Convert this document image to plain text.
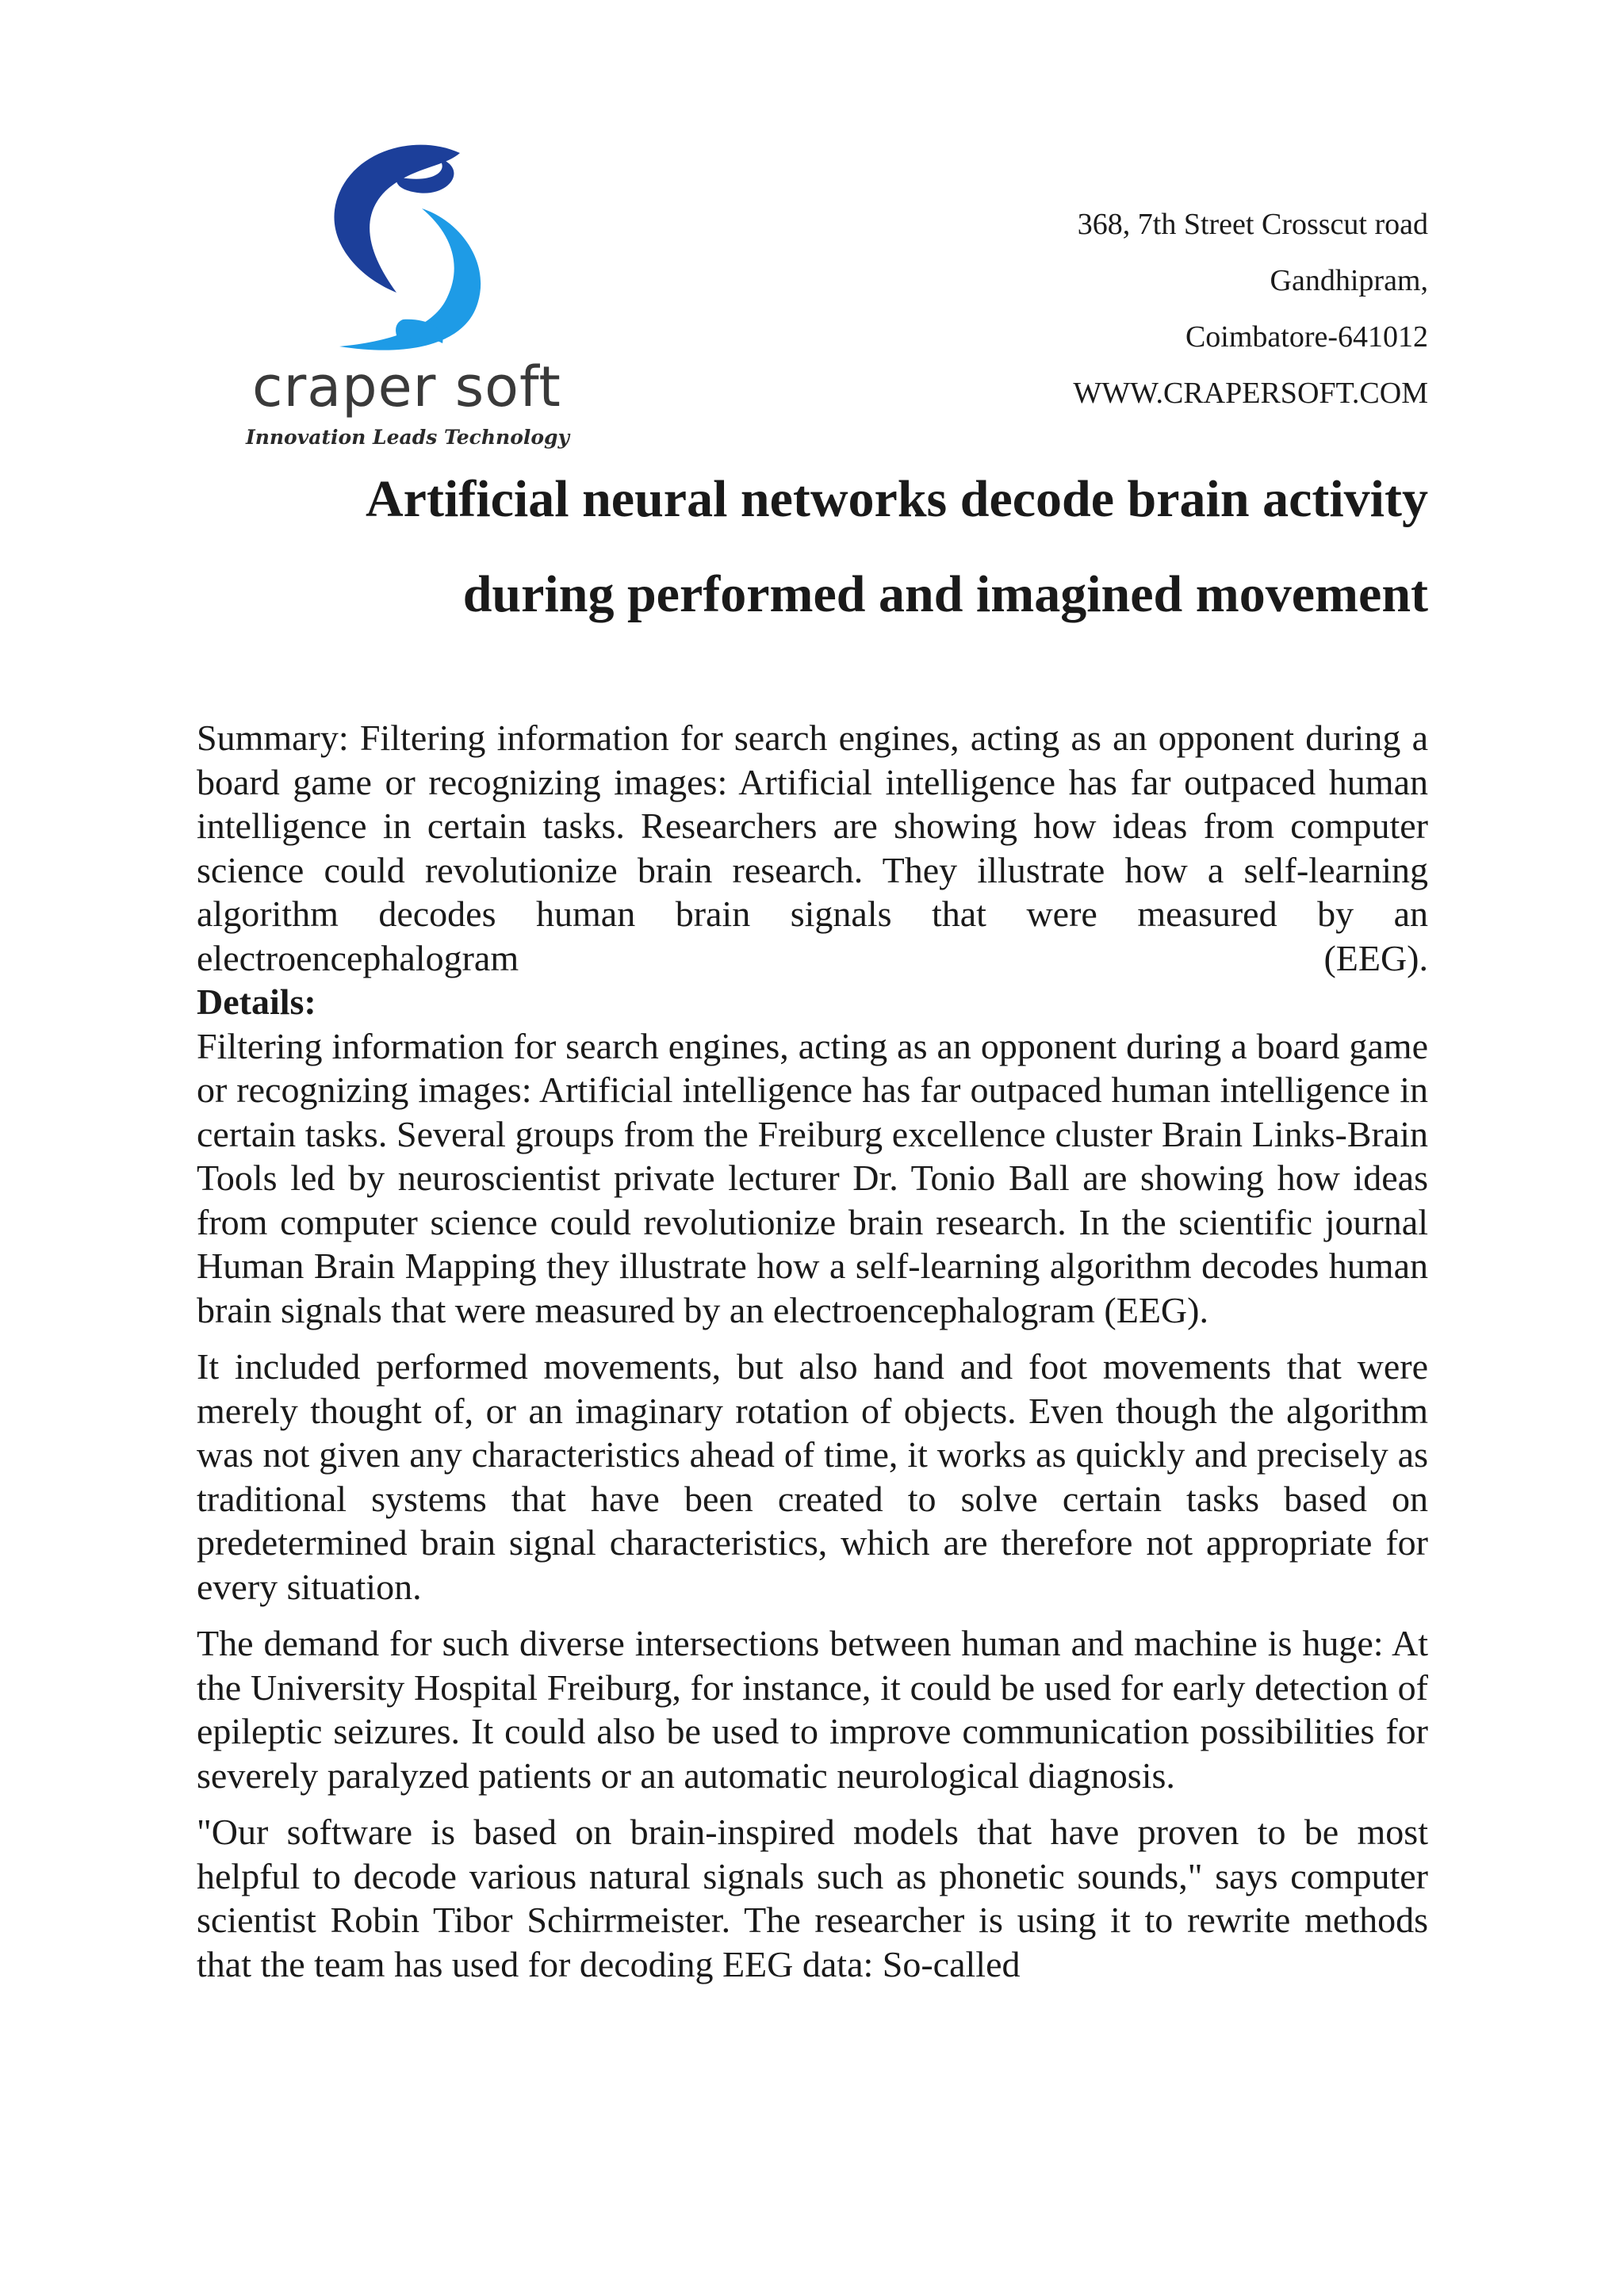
craper soft
Innovation Leads Technology
368, 7th Street Crosscut road
Gandhipram,
Coimbatore-641012
WWW.CRAPERSOFT.COM
Artificial neural networks decode brain activity
during performed and imagined movement

Summary: Filtering information for search engines, acting as an opponent during a board game or recognizing images: Artificial intelligence has far outpaced human intelligence in certain tasks. Researchers are showing how ideas from computer science could revolutionize brain research. They illustrate how a self-learning algorithm decodes human brain signals that were measured by an electroencephalogram (EEG).

Details:

Filtering information for search engines, acting as an opponent during a board game or recognizing images: Artificial intelligence has far outpaced human intelligence in certain tasks. Several groups from the Freiburg excellence cluster Brain Links-Brain Tools led by neuroscientist private lecturer Dr. Tonio Ball are showing how ideas from computer science could revolutionize brain research. In the scientific journal Human Brain Mapping they illustrate how a self-learning algorithm decodes human brain signals that were measured by an electroencephalogram (EEG).

It included performed movements, but also hand and foot movements that were merely thought of, or an imaginary rotation of objects. Even though the algorithm was not given any characteristics ahead of time, it works as quickly and precisely as traditional systems that have been created to solve certain tasks based on predetermined brain signal characteristics, which are therefore not appropriate for every situation.

The demand for such diverse intersections between human and machine is huge: At the University Hospital Freiburg, for instance, it could be used for early detection of epileptic seizures. It could also be used to improve communication possibilities for severely paralyzed patients or an automatic neurological diagnosis.

"Our software is based on brain-inspired models that have proven to be most helpful to decode various natural signals such as phonetic sounds," says computer scientist Robin Tibor Schirrmeister. The researcher is using it to rewrite methods that the team has used for decoding EEG data: So-called
